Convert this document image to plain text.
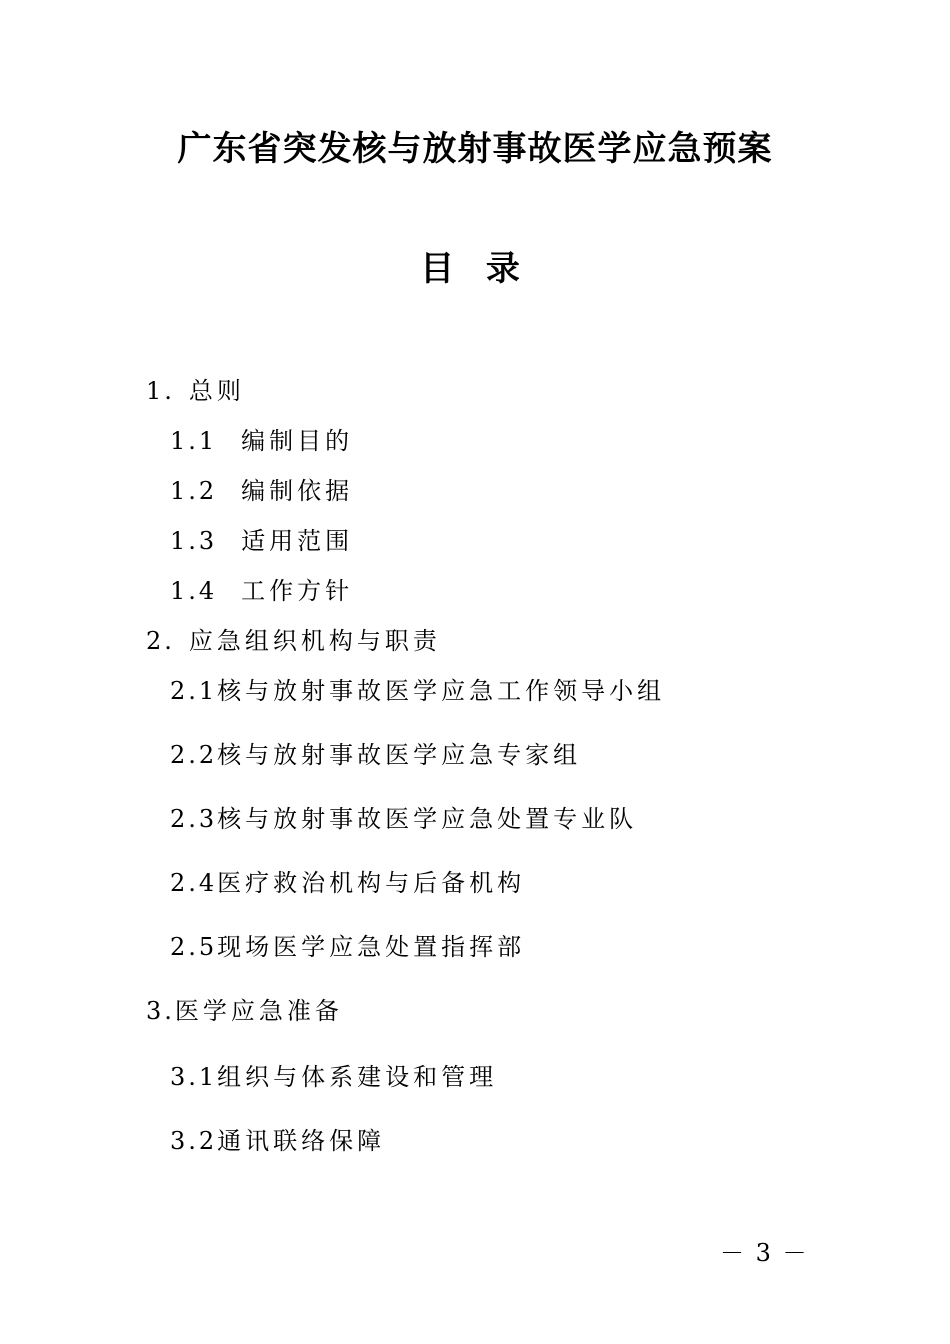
广东省突发核与放射事故医学应急预案
目 录
1. 总则
1.1 编制目的
1.2 编制依据
1.3 适用范围
1.4 工作方针
2. 应急组织机构与职责
2.1核与放射事故医学应急工作领导小组
2.2核与放射事故医学应急专家组
2.3核与放射事故医学应急处置专业队
2.4医疗救治机构与后备机构
2.5现场医学应急处置指挥部
3.医学应急准备
3.1组织与体系建设和管理
3.2通讯联络保障
－ 3 －
